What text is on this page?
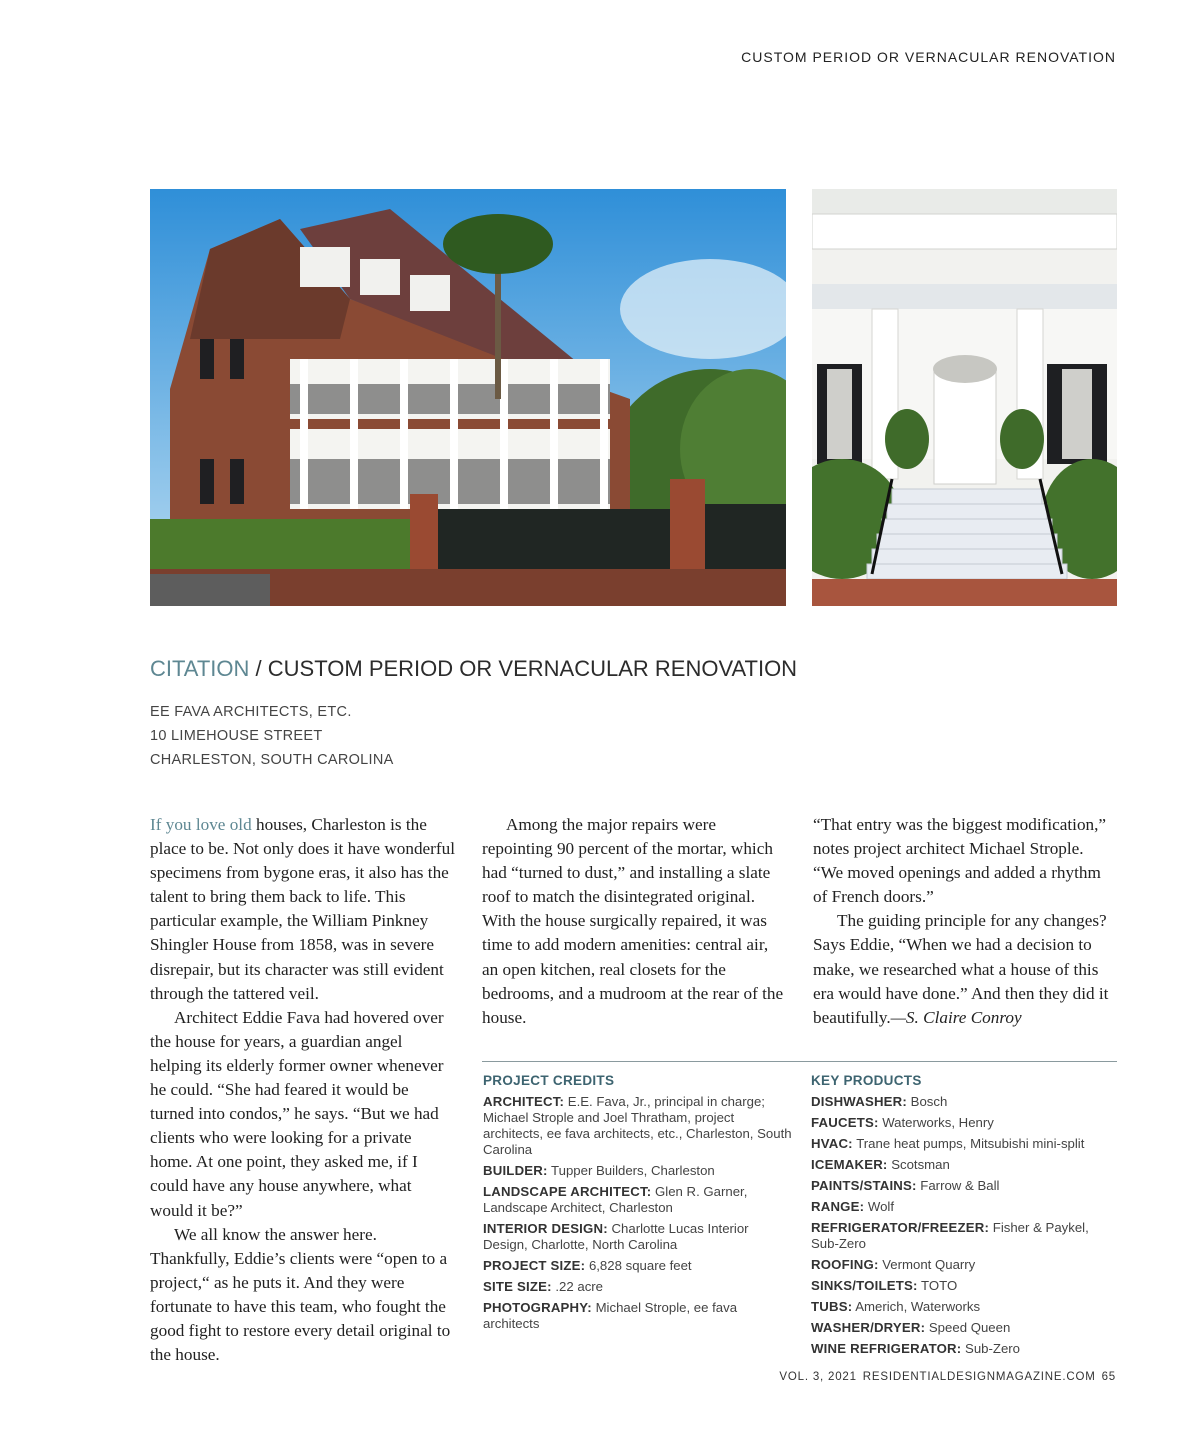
CUSTOM PERIOD OR VERNACULAR RENOVATION
CITATION / CUSTOM PERIOD OR VERNACULAR RENOVATION
EE FAVA ARCHITECTS, ETC.
10 LIMEHOUSE STREET
CHARLESTON, SOUTH CAROLINA

If you love old houses, Charleston is the place to be. Not only does it have wonderful specimens from bygone eras, it also has the talent to bring them back to life. This particular example, the William Pinkney Shingler House from 1858, was in severe disrepair, but its character was still evident through the tattered veil.

Architect Eddie Fava had hovered over the house for years, a guardian angel helping its elderly former owner whenever he could. “She had feared it would be turned into condos,” he says. “But we had clients who were looking for a private home. At one point, they asked me, if I could have any house anywhere, what would it be?”

We all know the answer here. Thankfully, Eddie’s clients were “open to a project,“ as he puts it. And they were fortunate to have this team, who fought the good fight to restore every detail original to the house.

Among the major repairs were repointing 90 percent of the mortar, which had “turned to dust,” and installing a slate roof to match the disintegrated original. With the house surgically repaired, it was time to add modern amenities: central air, an open kitchen, real closets for the bedrooms, and a mudroom at the rear of the house.

“That entry was the biggest modification,” notes project architect Michael Strople. “We moved openings and added a rhythm of French doors.”

The guiding principle for any changes? Says Eddie, “When we had a decision to make, we researched what a house of this era would have done.” And then they did it beautifully.—S. Claire Conroy

PROJECT CREDITS
ARCHITECT: E.E. Fava, Jr., principal in charge; Michael Strople and Joel Thratham, project architects, ee fava architects, etc., Charleston, South Carolina
BUILDER: Tupper Builders, Charleston
LANDSCAPE ARCHITECT: Glen R. Garner, Landscape Architect, Charleston
INTERIOR DESIGN: Charlotte Lucas Interior Design, Charlotte, North Carolina
PROJECT SIZE: 6,828 square feet
SITE SIZE: .22 acre
PHOTOGRAPHY: Michael Strople, ee fava architects
KEY PRODUCTS
DISHWASHER: Bosch
FAUCETS: Waterworks, Henry
HVAC: Trane heat pumps, Mitsubishi mini-split
ICEMAKER: Scotsman
PAINTS/STAINS: Farrow & Ball
RANGE: Wolf
REFRIGERATOR/FREEZER: Fisher & Paykel, Sub-Zero
ROOFING: Vermont Quarry
SINKS/TOILETS: TOTO
TUBS: Americh, Waterworks
WASHER/DRYER: Speed Queen
WINE REFRIGERATOR: Sub-Zero
VOL. 3, 2021 RESIDENTIALDESIGNMAGAZINE.COM 65
